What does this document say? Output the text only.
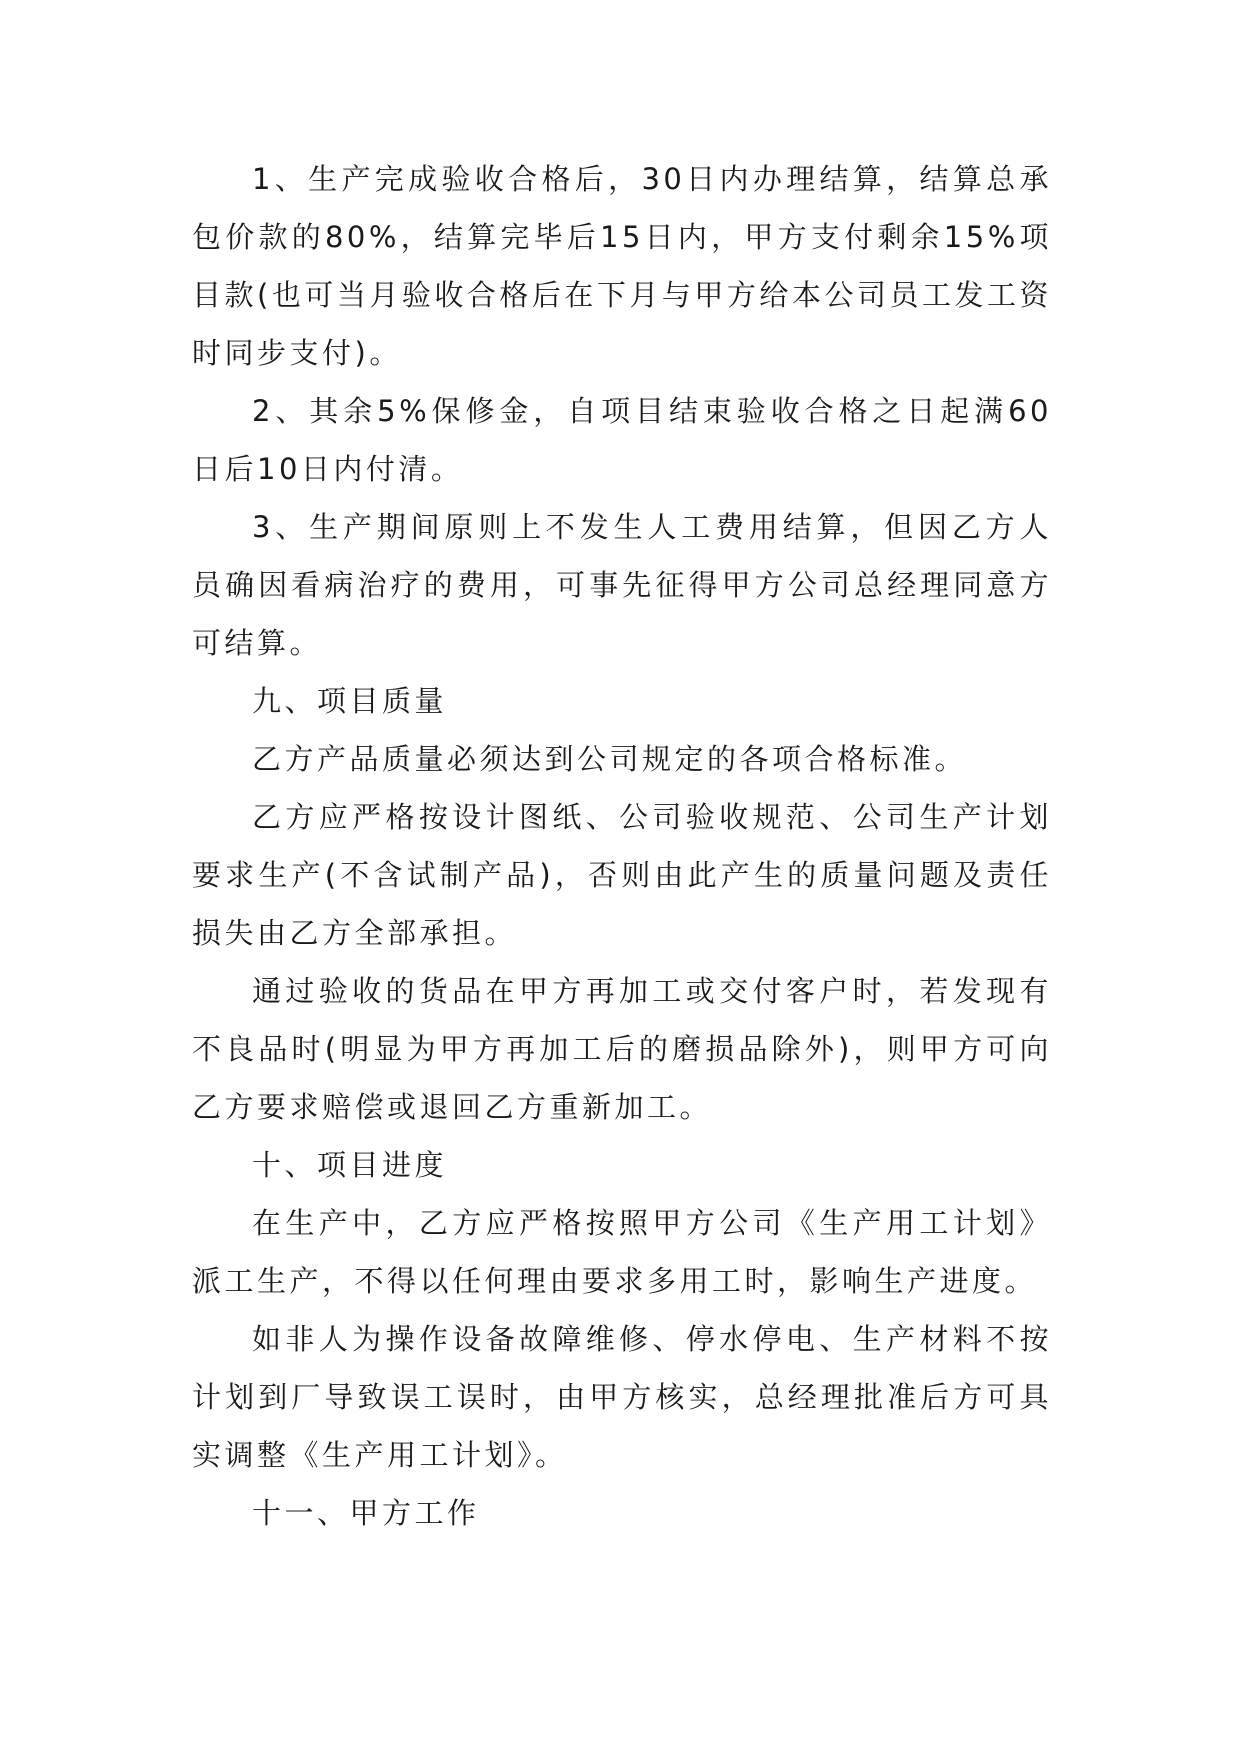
1、生产完成验收合格后，30日内办理结算，结算总承包价款的80%，结算完毕后15日内，甲方支付剩余15%项目款(也可当月验收合格后在下月与甲方给本公司员工发工资时同步支付)。

2、其余5%保修金，自项目结束验收合格之日起满60日后10日内付清。

3、生产期间原则上不发生人工费用结算，但因乙方人员确因看病治疗的费用，可事先征得甲方公司总经理同意方可结算。

九、项目质量

乙方产品质量必须达到公司规定的各项合格标准。

乙方应严格按设计图纸、公司验收规范、公司生产计划要求生产(不含试制产品)，否则由此产生的质量问题及责任损失由乙方全部承担。

通过验收的货品在甲方再加工或交付客户时，若发现有不良品时(明显为甲方再加工后的磨损品除外)，则甲方可向乙方要求赔偿或退回乙方重新加工。

十、项目进度

在生产中，乙方应严格按照甲方公司《生产用工计划》派工生产，不得以任何理由要求多用工时，影响生产进度。

如非人为操作设备故障维修、停水停电、生产材料不按计划到厂导致误工误时，由甲方核实，总经理批准后方可具实调整《生产用工计划》。

十一、甲方工作
